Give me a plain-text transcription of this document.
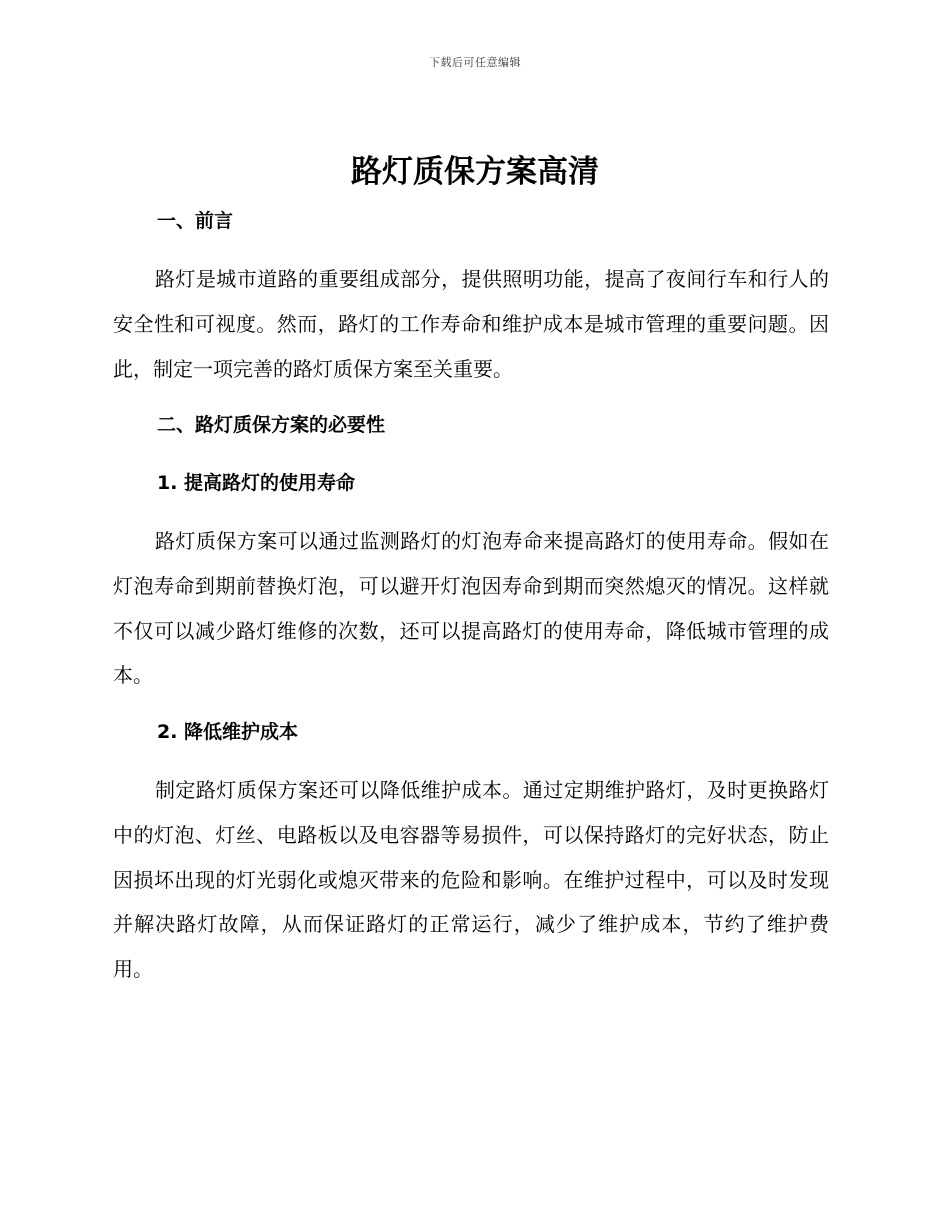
下载后可任意编辑
路灯质保方案高清
一、前言

路灯是城市道路的重要组成部分，提供照明功能，提高了夜间行车和行人的安全性和可视度。然而，路灯的工作寿命和维护成本是城市管理的重要问题。因此，制定一项完善的路灯质保方案至关重要。

二、路灯质保方案的必要性
1. 提高路灯的使用寿命

路灯质保方案可以通过监测路灯的灯泡寿命来提高路灯的使用寿命。假如在灯泡寿命到期前替换灯泡，可以避开灯泡因寿命到期而突然熄灭的情况。这样就不仅可以减少路灯维修的次数，还可以提高路灯的使用寿命，降低城市管理的成本。

2. 降低维护成本

制定路灯质保方案还可以降低维护成本。通过定期维护路灯，及时更换路灯中的灯泡、灯丝、电路板以及电容器等易损件，可以保持路灯的完好状态，防止因损坏出现的灯光弱化或熄灭带来的危险和影响。在维护过程中，可以及时发现并解决路灯故障，从而保证路灯的正常运行，减少了维护成本，节约了维护费用。
